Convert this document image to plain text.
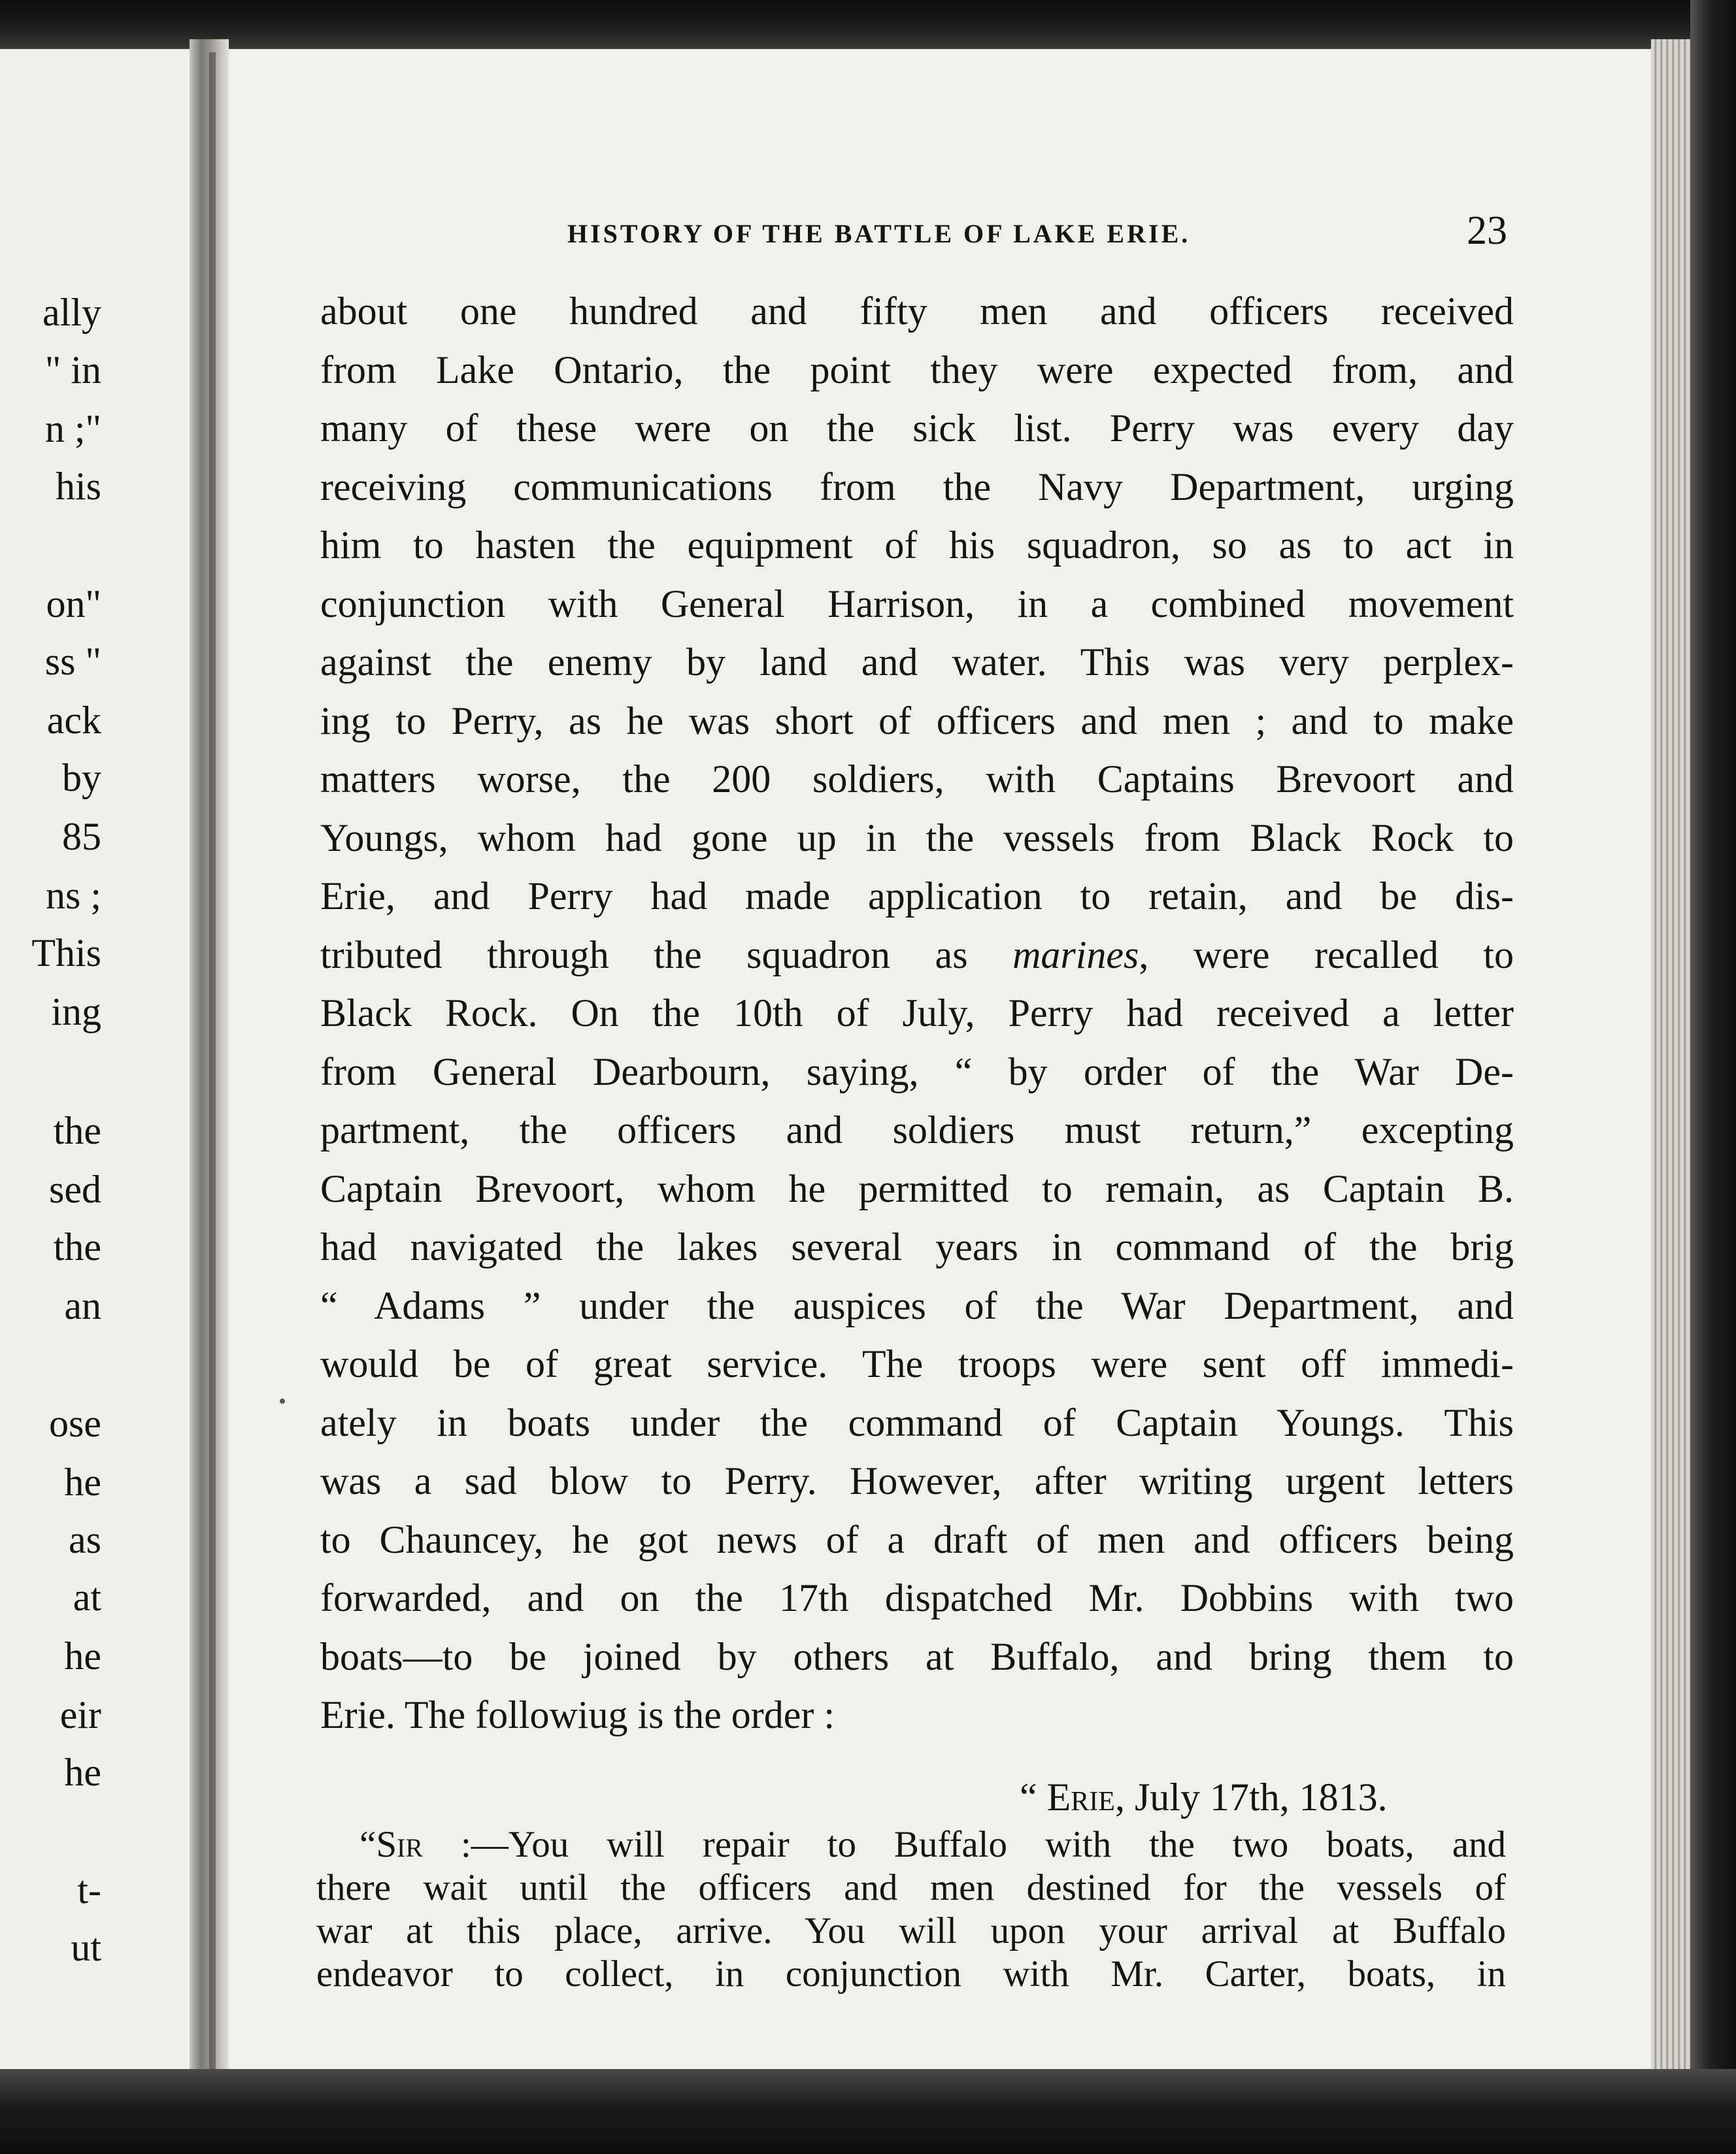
ally
" in
n ;"
his
on"
ss "
ack
by
85
ns ;
This
ing
the
sed
the
an
ose
he
as
at
he
eir
he
t-
ut
HISTORY OF THE BATTLE OF LAKE ERIE.	23
about one hundred and fifty men and officers received
from Lake Ontario, the point they were expected from, and
many of these were on the sick list. Perry was every day
receiving communications from the Navy Department, urging
him to hasten the equipment of his squadron, so as to act in
conjunction with General Harrison, in a combined movement
against the enemy by land and water. This was very perplex-
ing to Perry, as he was short of officers and men ; and to make
matters worse, the 200 soldiers, with Captains Brevoort and
Youngs, whom had gone up in the vessels from Black Rock to
Erie, and Perry had made application to retain, and be dis-
tributed through the squadron as marines, were recalled to
Black Rock. On the 10th of July, Perry had received a letter
from General Dearbourn, saying, “ by order of the War De-
partment, the officers and soldiers must return,” excepting
Captain Brevoort, whom he permitted to remain, as Captain B.
had navigated the lakes several years in command of the brig
“ Adams ” under the auspices of the War Department, and
would be of great service. The troops were sent off immedi-
ately in boats under the command of Captain Youngs. This
was a sad blow to Perry. However, after writing urgent letters
to Chauncey, he got news of a draft of men and officers being
forwarded, and on the 17th dispatched Mr. Dobbins with two
boats—to be joined by others at Buffalo, and bring them to
Erie. The followiug is the order :
“ Erie, July 17th, 1813.
“Sir :—You will repair to Buffalo with the two boats, and
there wait until the officers and men destined for the vessels of
war at this place, arrive. You will upon your arrival at Buffalo
endeavor to collect, in conjunction with Mr. Carter, boats, in
